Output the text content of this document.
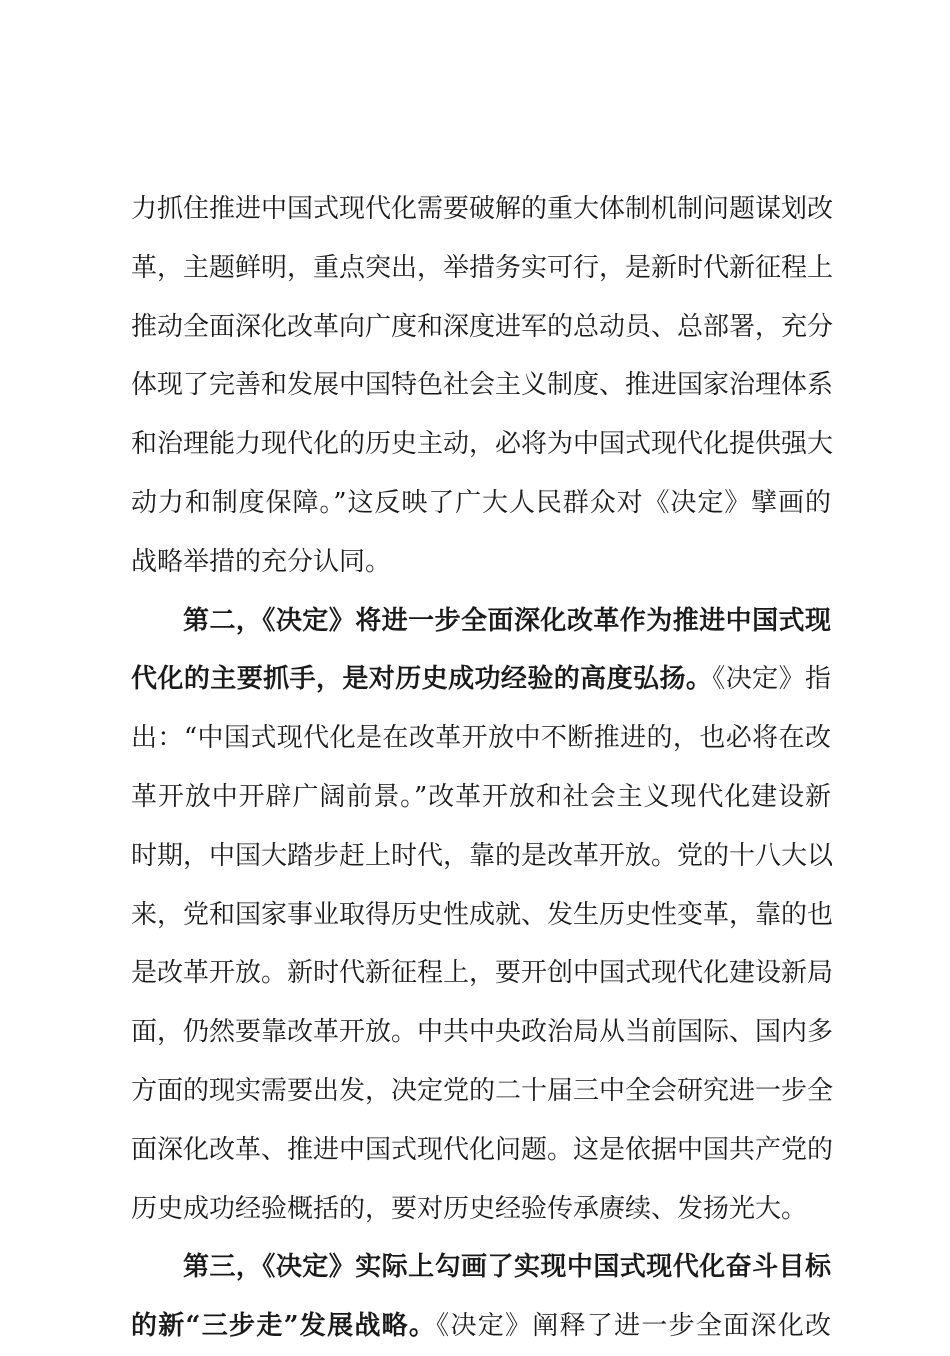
力抓住推进中国式现代化需要破解的重大体制机制问题谋划改
革，主题鲜明，重点突出，举措务实可行，是新时代新征程上
推动全面深化改革向广度和深度进军的总动员、总部署，充分
体现了完善和发展中国特色社会主义制度、推进国家治理体系
和治理能力现代化的历史主动，必将为中国式现代化提供强大
动力和制度保障。”这反映了广大人民群众对《决定》擘画的
战略举措的充分认同。
第二，《决定》将进一步全面深化改革作为推进中国式现
代化的主要抓手，是对历史成功经验的高度弘扬。《决定》指
出：“中国式现代化是在改革开放中不断推进的，也必将在改
革开放中开辟广阔前景。”改革开放和社会主义现代化建设新
时期，中国大踏步赶上时代，靠的是改革开放。党的十八大以
来，党和国家事业取得历史性成就、发生历史性变革，靠的也
是改革开放。新时代新征程上，要开创中国式现代化建设新局
面，仍然要靠改革开放。中共中央政治局从当前国际、国内多
方面的现实需要出发，决定党的二十届三中全会研究进一步全
面深化改革、推进中国式现代化问题。这是依据中国共产党的
历史成功经验概括的，要对历史经验传承赓续、发扬光大。
第三，《决定》实际上勾画了实现中国式现代化奋斗目标
的新“三步走”发展战略。《决定》阐释了进一步全面深化改
